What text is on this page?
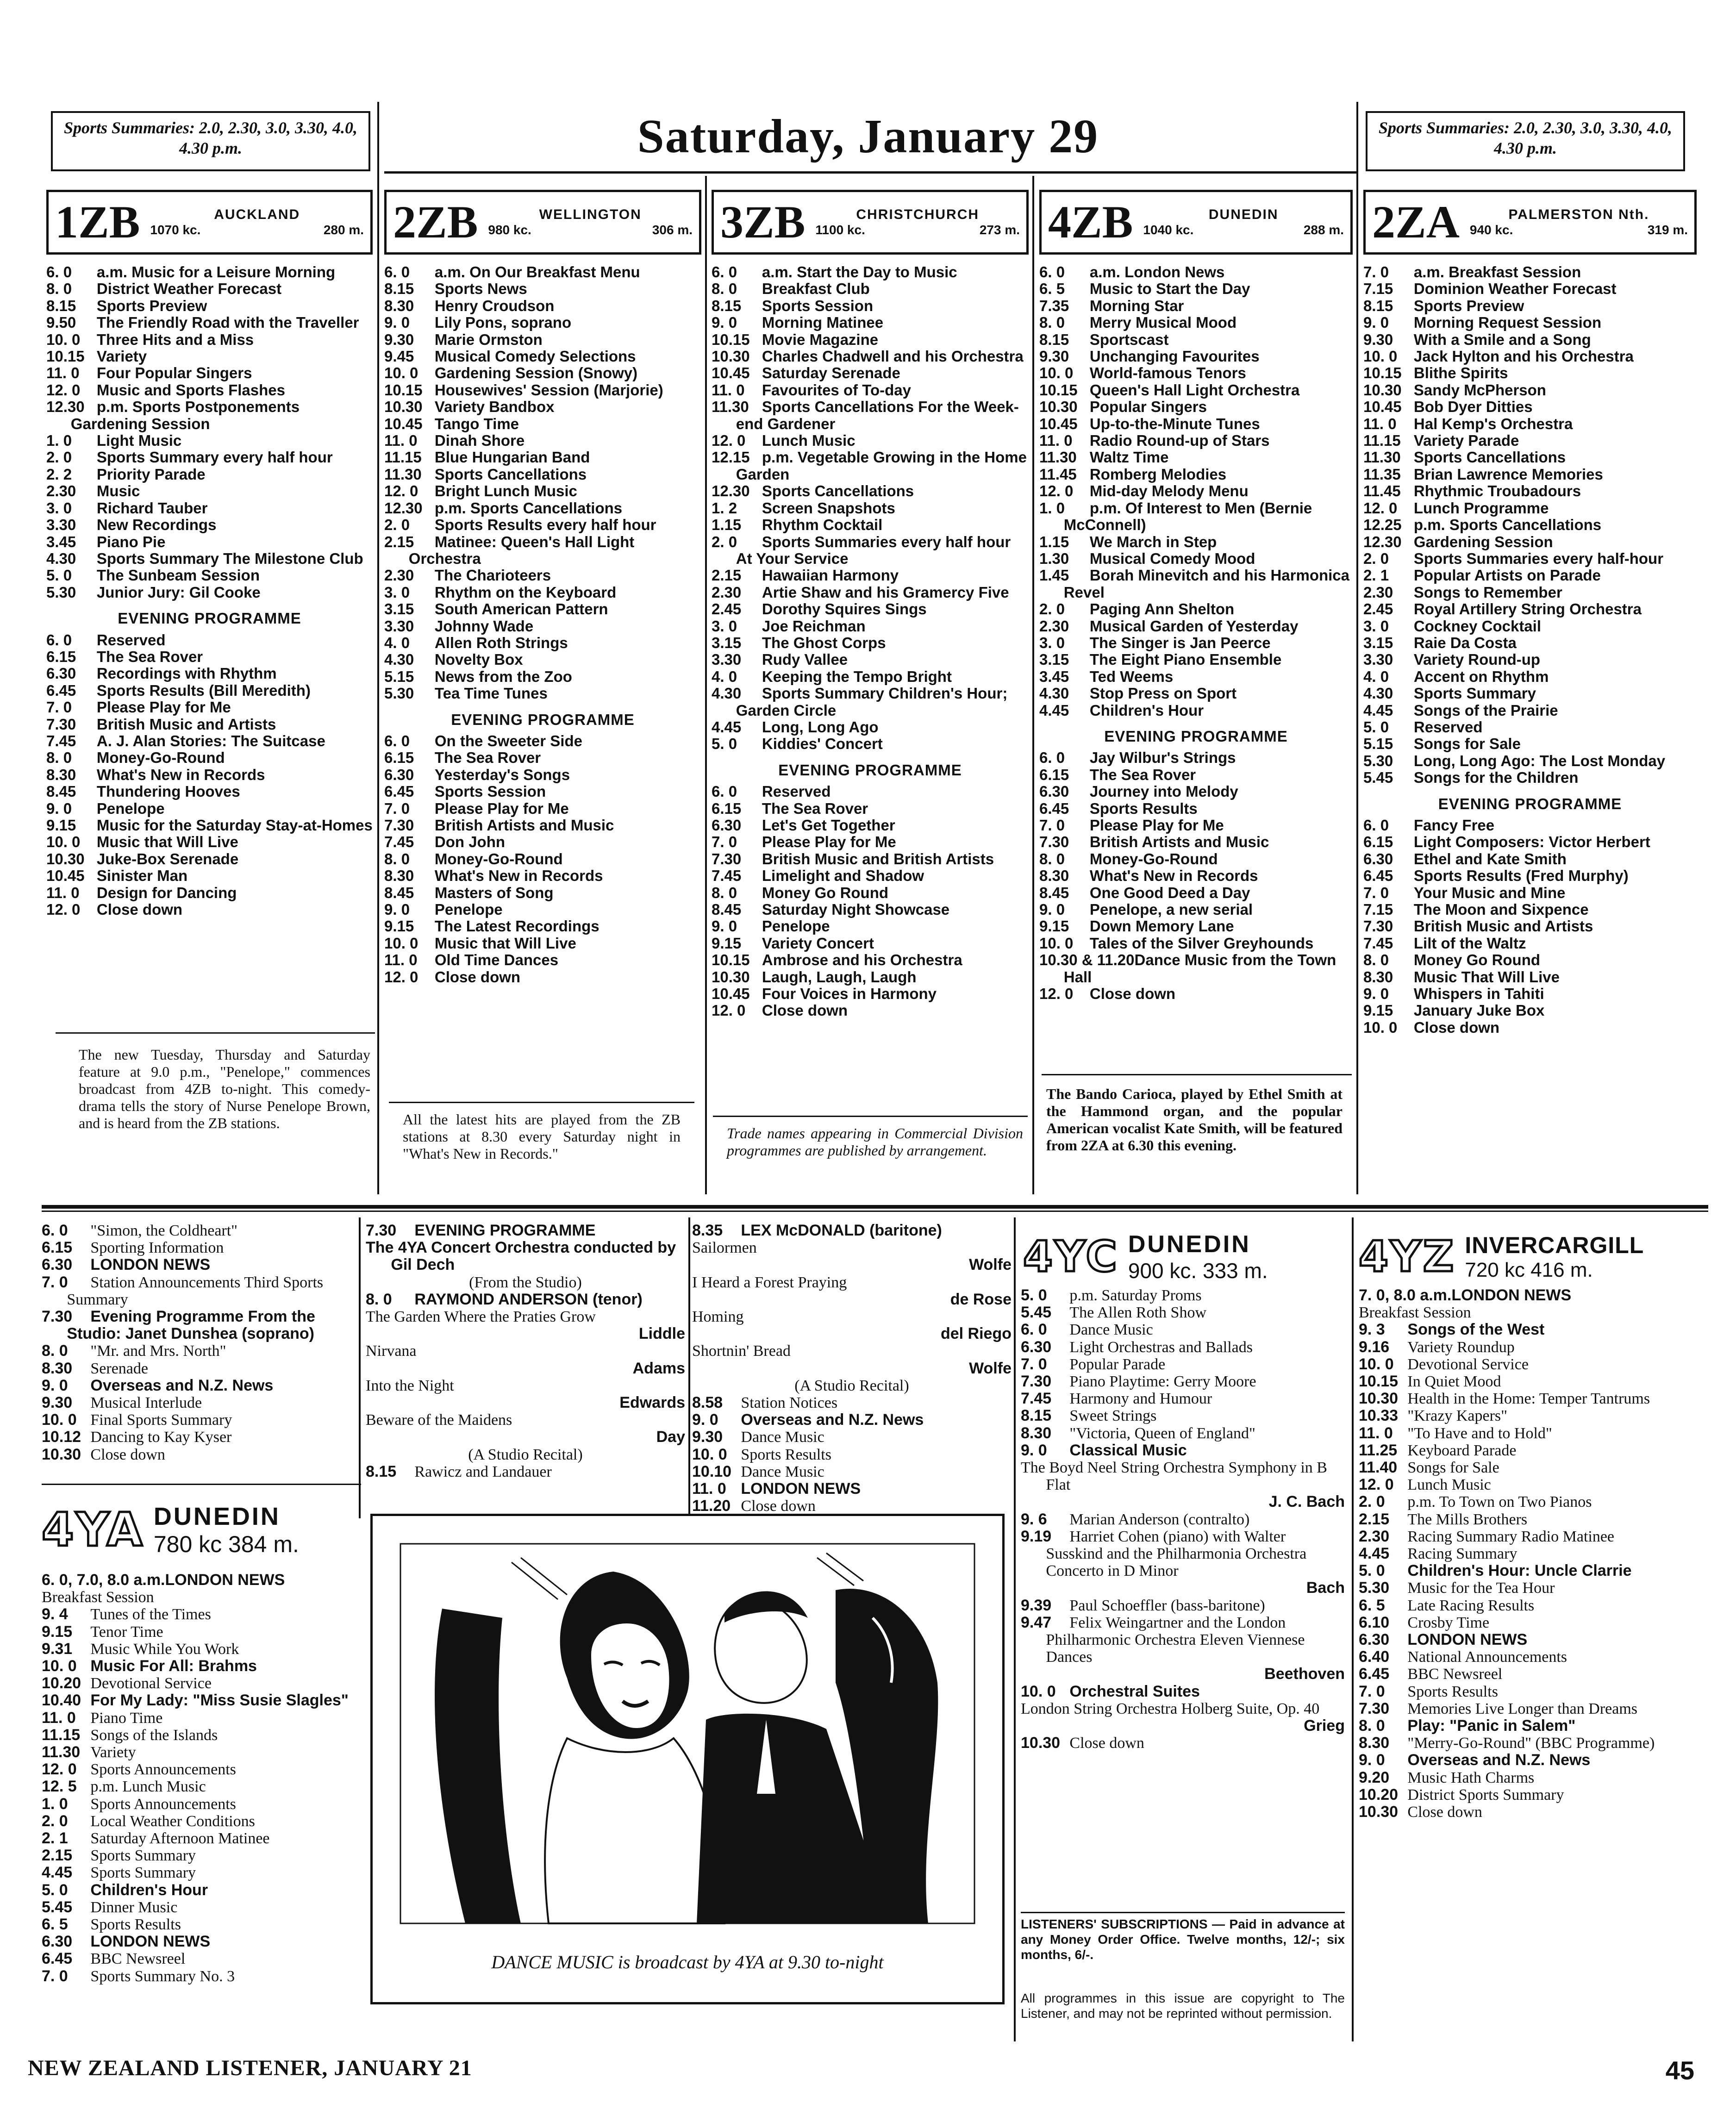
Sports Summaries: 2.0, 2.30, 3.0, 3.30, 4.0, 4.30 p.m.	Saturday, January 29	Sports Summaries: 2.0, 2.30, 3.0, 3.30, 4.0, 4.30 p.m.
1ZB	AUCKLAND
1070 kc.	280 m.
6. 0 a.m. Music for a Leisure Morning
8. 0 District Weather Forecast
8.15 Sports Preview
9.50 The Friendly Road with the Traveller
10. 0 Three Hits and a Miss
10.15 Variety
11. 0 Four Popular Singers
12. 0 Music and Sports Flashes
12.30 p.m. Sports Postponements Gardening Session
1. 0 Light Music
2. 0 Sports Summary every half hour
2. 2 Priority Parade
2.30 Music
3. 0 Richard Tauber
3.30 New Recordings
3.45 Piano Pie
4.30 Sports Summary The Milestone Club
5. 0 The Sunbeam Session
5.30 Junior Jury: Gil Cooke
EVENING PROGRAMME
6. 0 Reserved
6.15 The Sea Rover
6.30 Recordings with Rhythm
6.45 Sports Results (Bill Meredith)
7. 0 Please Play for Me
7.30 British Music and Artists
7.45 A. J. Alan Stories: The Suitcase
8. 0 Money-Go-Round
8.30 What's New in Records
8.45 Thundering Hooves
9. 0 Penelope
9.15 Music for the Saturday Stay-at-Homes
10. 0 Music that Will Live
10.30 Juke-Box Serenade
10.45 Sinister Man
11. 0 Design for Dancing
12. 0 Close down
2ZB	WELLINGTON
980 kc.	306 m.
6. 0 a.m. On Our Breakfast Menu
8.15 Sports News
8.30 Henry Croudson
9. 0 Lily Pons, soprano
9.30 Marie Ormston
9.45 Musical Comedy Selections
10. 0 Gardening Session (Snowy)
10.15 Housewives' Session (Marjorie)
10.30 Variety Bandbox
10.45 Tango Time
11. 0 Dinah Shore
11.15 Blue Hungarian Band
11.30 Sports Cancellations
12. 0 Bright Lunch Music
12.30 p.m. Sports Cancellations
2. 0 Sports Results every half hour
2.15 Matinee: Queen's Hall Light Orchestra
2.30 The Charioteers
3. 0 Rhythm on the Keyboard
3.15 South American Pattern
3.30 Johnny Wade
4. 0 Allen Roth Strings
4.30 Novelty Box
5.15 News from the Zoo
5.30 Tea Time Tunes
EVENING PROGRAMME
6. 0 On the Sweeter Side
6.15 The Sea Rover
6.30 Yesterday's Songs
6.45 Sports Session
7. 0 Please Play for Me
7.30 British Artists and Music
7.45 Don John
8. 0 Money-Go-Round
8.30 What's New in Records
8.45 Masters of Song
9. 0 Penelope
9.15 The Latest Recordings
10. 0 Music that Will Live
11. 0 Old Time Dances
12. 0 Close down
3ZB	CHRISTCHURCH
1100 kc.	273 m.
6. 0 a.m. Start the Day to Music
8. 0 Breakfast Club
8.15 Sports Session
9. 0 Morning Matinee
10.15 Movie Magazine
10.30 Charles Chadwell and his Orchestra
10.45 Saturday Serenade
11. 0 Favourites of To-day
11.30 Sports Cancellations For the Week-end Gardener
12. 0 Lunch Music
12.15 p.m. Vegetable Growing in the Home Garden
12.30 Sports Cancellations
1. 2 Screen Snapshots
1.15 Rhythm Cocktail
2. 0 Sports Summaries every half hour At Your Service
2.15 Hawaiian Harmony
2.30 Artie Shaw and his Gramercy Five
2.45 Dorothy Squires Sings
3. 0 Joe Reichman
3.15 The Ghost Corps
3.30 Rudy Vallee
4. 0 Keeping the Tempo Bright
4.30 Sports Summary Children's Hour; Garden Circle
4.45 Long, Long Ago
5. 0 Kiddies' Concert
EVENING PROGRAMME
6. 0 Reserved
6.15 The Sea Rover
6.30 Let's Get Together
7. 0 Please Play for Me
7.30 British Music and British Artists
7.45 Limelight and Shadow
8. 0 Money Go Round
8.45 Saturday Night Showcase
9. 0 Penelope
9.15 Variety Concert
10.15 Ambrose and his Orchestra
10.30 Laugh, Laugh, Laugh
10.45 Four Voices in Harmony
12. 0 Close down
4ZB	DUNEDIN
1040 kc.	288 m.
6. 0 a.m. London News
6. 5 Music to Start the Day
7.35 Morning Star
8. 0 Merry Musical Mood
8.15 Sportscast
9.30 Unchanging Favourites
10. 0 World-famous Tenors
10.15 Queen's Hall Light Orchestra
10.30 Popular Singers
10.45 Up-to-the-Minute Tunes
11. 0 Radio Round-up of Stars
11.30 Waltz Time
11.45 Romberg Melodies
12. 0 Mid-day Melody Menu
1. 0 p.m. Of Interest to Men (Bernie McConnell)
1.15 We March in Step
1.30 Musical Comedy Mood
1.45 Borah Minevitch and his Harmonica Revel
2. 0 Paging Ann Shelton
2.30 Musical Garden of Yesterday
3. 0 The Singer is Jan Peerce
3.15 The Eight Piano Ensemble
3.45 Ted Weems
4.30 Stop Press on Sport
4.45 Children's Hour
EVENING PROGRAMME
6. 0 Jay Wilbur's Strings
6.15 The Sea Rover
6.30 Journey into Melody
6.45 Sports Results
7. 0 Please Play for Me
7.30 British Artists and Music
8. 0 Money-Go-Round
8.30 What's New in Records
8.45 One Good Deed a Day
9. 0 Penelope, a new serial
9.15 Down Memory Lane
10. 0 Tales of the Silver Greyhounds
10.30 & 11.20Dance Music from the Town Hall
12. 0 Close down
2ZA	PALMERSTON Nth.
940 kc.	319 m.
7. 0 a.m. Breakfast Session
7.15 Dominion Weather Forecast
8.15 Sports Preview
9. 0 Morning Request Session
9.30 With a Smile and a Song
10. 0 Jack Hylton and his Orchestra
10.15 Blithe Spirits
10.30 Sandy McPherson
10.45 Bob Dyer Ditties
11. 0 Hal Kemp's Orchestra
11.15 Variety Parade
11.30 Sports Cancellations
11.35 Brian Lawrence Memories
11.45 Rhythmic Troubadours
12. 0 Lunch Programme
12.25 p.m. Sports Cancellations
12.30 Gardening Session
2. 0 Sports Summaries every half-hour
2. 1 Popular Artists on Parade
2.30 Songs to Remember
2.45 Royal Artillery String Orchestra
3. 0 Cockney Cocktail
3.15 Raie Da Costa
3.30 Variety Round-up
4. 0 Accent on Rhythm
4.30 Sports Summary
4.45 Songs of the Prairie
5. 0 Reserved
5.15 Songs for Sale
5.30 Long, Long Ago: The Lost Monday
5.45 Songs for the Children
EVENING PROGRAMME
6. 0 Fancy Free
6.15 Light Composers: Victor Herbert
6.30 Ethel and Kate Smith
6.45 Sports Results (Fred Murphy)
7. 0 Your Music and Mine
7.15 The Moon and Sixpence
7.30 British Music and Artists
7.45 Lilt of the Waltz
8. 0 Money Go Round
8.30 Music That Will Live
9. 0 Whispers in Tahiti
9.15 January Juke Box
10. 0 Close down
The new Tuesday, Thursday and Saturday feature at 9.0 p.m., "Penelope," commences broadcast from 4ZB to-night. This comedy-drama tells the story of Nurse Penelope Brown, and is heard from the ZB stations.	All the latest hits are played from the ZB stations at 8.30 every Saturday night in "What's New in Records."
Trade names appearing in Commercial Division programmes are published by arrangement.
The Bando Carioca, played by Ethel Smith at the Hammond organ, and the popular American vocalist Kate Smith, will be featured from 2ZA at 6.30 this evening.
6. 0 "Simon, the Coldheart"
6.15 Sporting Information
6.30 LONDON NEWS
7. 0 Station Announcements Third Sports Summary
7.30 Evening Programme From the Studio: Janet Dunshea (soprano)
8. 0 "Mr. and Mrs. North"
8.30 Serenade
9. 0 Overseas and N.Z. News
9.30 Musical Interlude
10. 0 Final Sports Summary
10.12 Dancing to Kay Kyser
10.30 Close down
4YA DUNEDIN
780 kc 384 m.
6. 0, 7.0, 8.0 a.m.LONDON NEWS
Breakfast Session
9. 4 Tunes of the Times
9.15 Tenor Time
9.31 Music While You Work
10. 0 Music For All: Brahms
10.20 Devotional Service
10.40 For My Lady: "Miss Susie Slagles"
11. 0 Piano Time
11.15 Songs of the Islands
11.30 Variety
12. 0 Sports Announcements
12. 5 p.m. Lunch Music
1. 0 Sports Announcements
2. 0 Local Weather Conditions
2. 1 Saturday Afternoon Matinee
2.15 Sports Summary
4.45 Sports Summary
5. 0 Children's Hour
5.45 Dinner Music
6. 5 Sports Results
6.30 LONDON NEWS
6.45 BBC Newsreel
7. 0 Sports Summary No. 3
7.30 EVENING PROGRAMME
The 4YA Concert Orchestra conducted by Gil Dech
(From the Studio)
8. 0 RAYMOND ANDERSON (tenor)
The Garden Where the Praties Grow
Liddle
Nirvana
Adams
Into the Night
Edwards
Beware of the Maidens
Day
(A Studio Recital)
8.15 Rawicz and Landauer
8.35 LEX McDONALD (baritone)
Sailormen
Wolfe
I Heard a Forest Praying
de Rose
Homing
del Riego
Shortnin' Bread
Wolfe
(A Studio Recital)
8.58 Station Notices
9. 0 Overseas and N.Z. News
9.30 Dance Music
10. 0 Sports Results
10.10 Dance Music
11. 0 LONDON NEWS
11.20 Close down
DANCE MUSIC is broadcast by 4YA at 9.30 to-night
4YC DUNEDIN
900 kc. 333 m.
5. 0 p.m. Saturday Proms
5.45 The Allen Roth Show
6. 0 Dance Music
6.30 Light Orchestras and Ballads
7. 0 Popular Parade
7.30 Piano Playtime: Gerry Moore
7.45 Harmony and Humour
8.15 Sweet Strings
8.30 "Victoria, Queen of England"
9. 0 Classical Music
The Boyd Neel String Orchestra Symphony in B Flat
J. C. Bach
9. 6 Marian Anderson (contralto)
9.19 Harriet Cohen (piano) with Walter Susskind and the Philharmonia Orchestra Concerto in D Minor
Bach
9.39 Paul Schoeffler (bass-baritone)
9.47 Felix Weingartner and the London Philharmonic Orchestra Eleven Viennese Dances
Beethoven
10. 0 Orchestral Suites
London String Orchestra Holberg Suite, Op. 40
Grieg
10.30 Close down
LISTENERS' SUBSCRIPTIONS — Paid in advance at any Money Order Office. Twelve months, 12/-; six months, 6/-.
All programmes in this issue are copyright to The Listener, and may not be reprinted without permission.
4YZ INVERCARGILL
720 kc 416 m.
7. 0, 8.0 a.m.LONDON NEWS
Breakfast Session
9. 3 Songs of the West
9.16 Variety Roundup
10. 0 Devotional Service
10.15 In Quiet Mood
10.30 Health in the Home: Temper Tantrums
10.33 "Krazy Kapers"
11. 0 "To Have and to Hold"
11.25 Keyboard Parade
11.40 Songs for Sale
12. 0 Lunch Music
2. 0 p.m. To Town on Two Pianos
2.15 The Mills Brothers
2.30 Racing Summary Radio Matinee
4.45 Racing Summary
5. 0 Children's Hour: Uncle Clarrie
5.30 Music for the Tea Hour
6. 5 Late Racing Results
6.10 Crosby Time
6.30 LONDON NEWS
6.40 National Announcements
6.45 BBC Newsreel
7. 0 Sports Results
7.30 Memories Live Longer than Dreams
8. 0 Play: "Panic in Salem"
8.30 "Merry-Go-Round" (BBC Programme)
9. 0 Overseas and N.Z. News
9.20 Music Hath Charms
10.20 District Sports Summary
10.30 Close down
NEW ZEALAND LISTENER, JANUARY 21	45
